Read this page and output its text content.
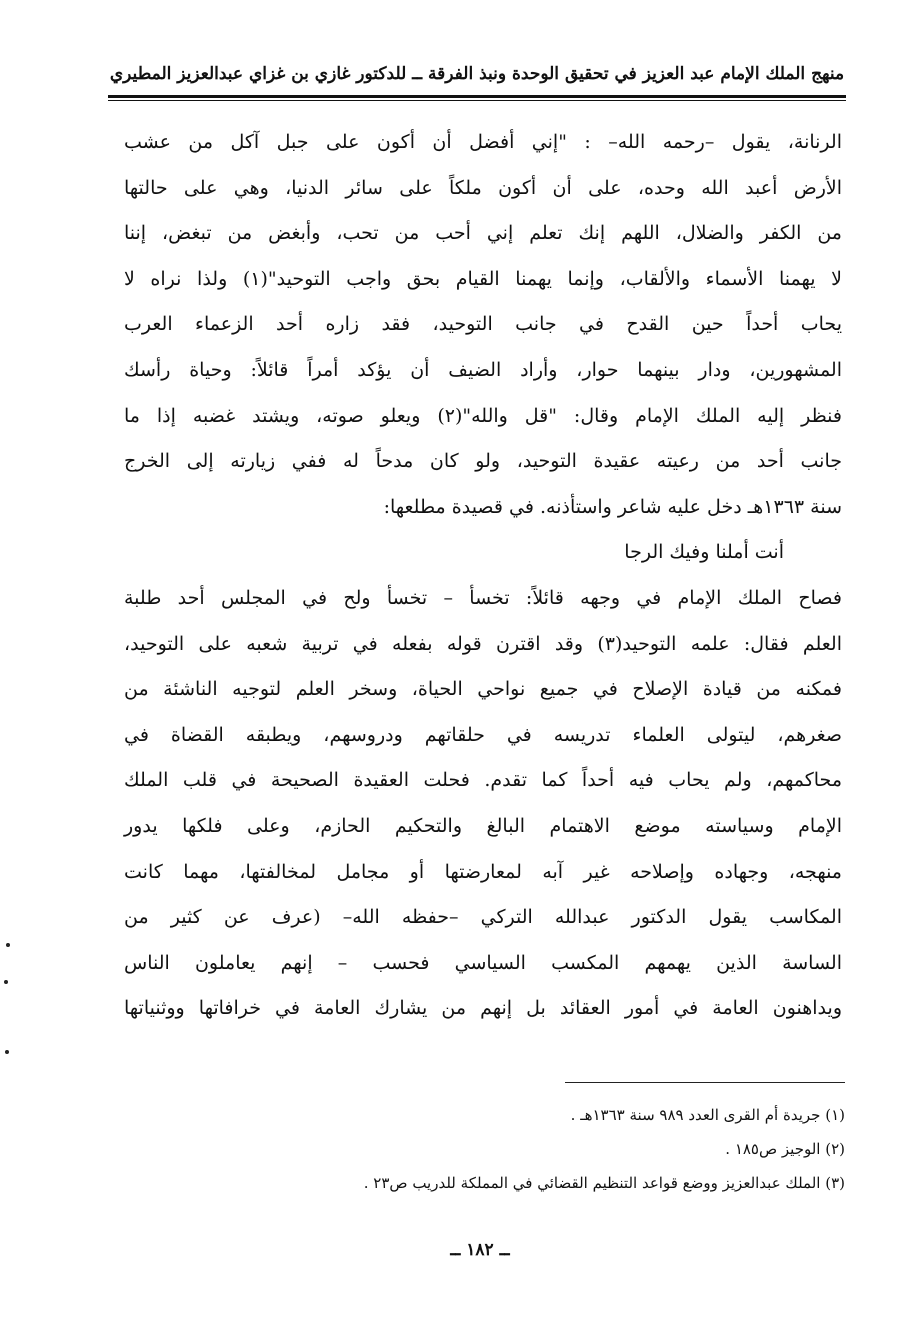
منهج الملك الإمام عبد العزيز في تحقيق الوحدة ونبذ الفرقة ــ للدكتور غازي بن غزاي عبدالعزيز المطيري
الرنانة، يقول –رحمه الله– : "إني أفضل أن أكون على جبل آكل من عشب
الأرض أعبد الله وحده، على أن أكون ملكاً على سائر الدنيا، وهي على حالتها
من الكفر والضلال، اللهم إنك تعلم إني أحب من تحب، وأبغض من تبغض، إننا
لا يهمنا الأسماء والألقاب، وإنما يهمنا القيام بحق واجب التوحيد"(١) ولذا نراه لا
يحاب أحداً حين القدح في جانب التوحيد، فقد زاره أحد الزعماء العرب
المشهورين، ودار بينهما حوار، وأراد الضيف أن يؤكد أمراً قائلاً: وحياة رأسك
فنظر إليه الملك الإمام وقال: "قل والله"(٢) ويعلو صوته، ويشتد غضبه إذا ما
جانب أحد من رعيته عقيدة التوحيد، ولو كان مدحاً له ففي زيارته إلى الخرج
سنة ١٣٦٣هـ دخل عليه شاعر واستأذنه. في قصيدة مطلعها:
أنت أملنا وفيك الرجا
فصاح الملك الإمام في وجهه قائلاً: تخسأ – تخسأ ولح في المجلس أحد طلبة
العلم فقال: علمه التوحيد(٣) وقد اقترن قوله بفعله في تربية شعبه على التوحيد،
فمكنه من قيادة الإصلاح في جميع نواحي الحياة، وسخر العلم لتوجيه الناشئة من
صغرهم، ليتولى العلماء تدريسه في حلقاتهم ودروسهم، ويطبقه القضاة في
محاكمهم، ولم يحاب فيه أحداً كما تقدم. فحلت العقيدة الصحيحة في قلب الملك
الإمام وسياسته موضع الاهتمام البالغ والتحكيم الحازم، وعلى فلكها يدور
منهجه، وجهاده وإصلاحه غير آبه لمعارضتها أو مجامل لمخالفتها، مهما كانت
المكاسب يقول الدكتور عبدالله التركي –حفظه الله– (عرف عن كثير من
الساسة الذين يهمهم المكسب السياسي فحسب – إنهم يعاملون الناس
ويداهنون العامة في أمور العقائد بل إنهم من يشارك العامة في خرافاتها ووثنياتها
(١) جريدة أم القرى العدد ٩٨٩ سنة ١٣٦٣هـ .
(٢) الوجيز ص١٨٥ .
(٣) الملك عبدالعزيز ووضع قواعد التنظيم القضائي في المملكة للدريب ص٢٣ .
ــ ١٨٢ ــ
